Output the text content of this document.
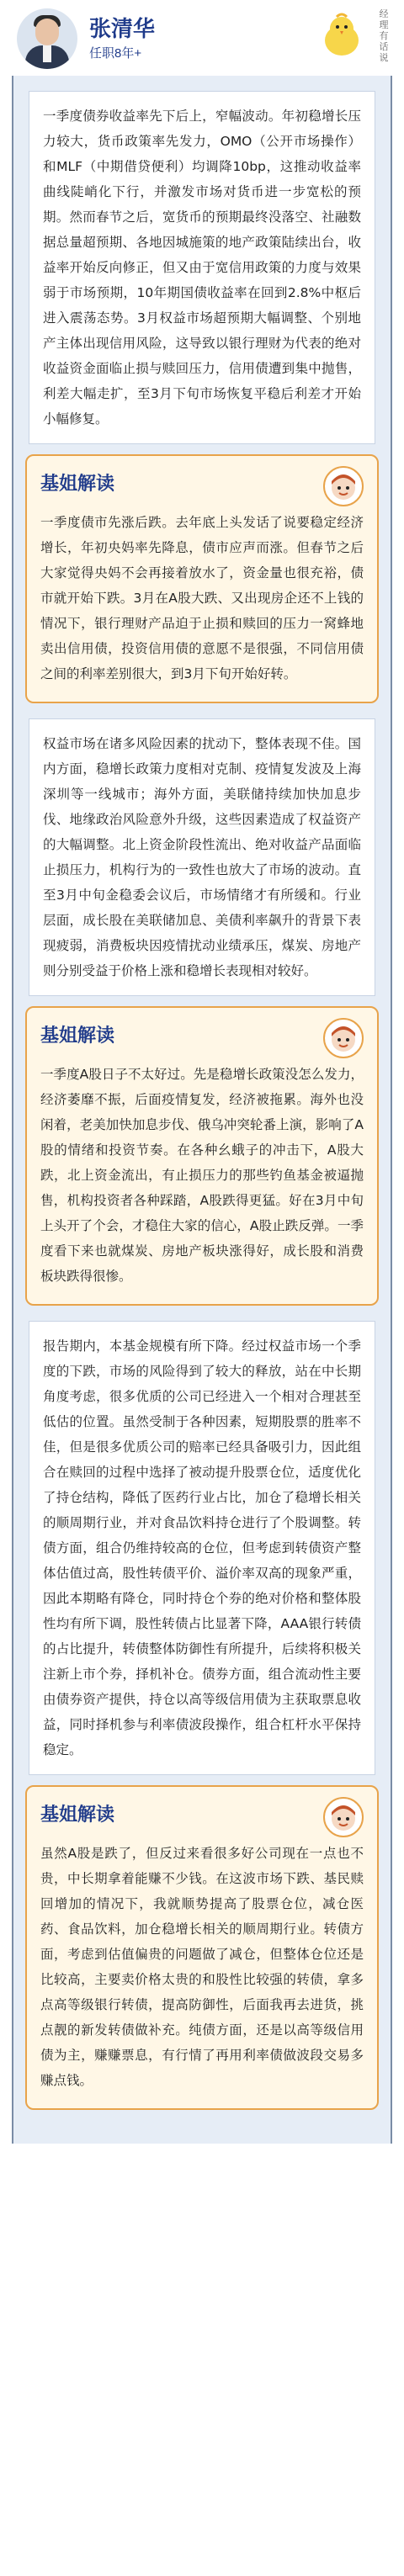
张清华
任职8年+
经理有话说
一季度债券收益率先下后上，窄幅波动。年初稳增长压力较大，货币政策率先发力，OMO（公开市场操作）和MLF（中期借贷便利）均调降10bp，这推动收益率曲线陡峭化下行，并激发市场对货币进一步宽松的预期。然而春节之后，宽货币的预期最终没落空、社融数据总量超预期、各地因城施策的地产政策陆续出台，收益率开始反向修正，但又由于宽信用政策的力度与效果弱于市场预期，10年期国债收益率在回到2.8%中枢后进入震荡态势。3月权益市场超预期大幅调整、个别地产主体出现信用风险，这导致以银行理财为代表的绝对收益资金面临止损与赎回压力，信用债遭到集中抛售，利差大幅走扩，至3月下旬市场恢复平稳后利差才开始小幅修复。
基姐解读
一季度债市先涨后跌。去年底上头发话了说要稳定经济增长，年初央妈率先降息，债市应声而涨。但春节之后大家觉得央妈不会再接着放水了，资金量也很充裕，债市就开始下跌。3月在A股大跌、又出现房企还不上钱的情况下，银行理财产品迫于止损和赎回的压力一窝蜂地卖出信用债，投资信用债的意愿不是很强，不同信用债之间的利率差别很大，到3月下旬开始好转。
权益市场在诸多风险因素的扰动下，整体表现不佳。国内方面，稳增长政策力度相对克制、疫情复发波及上海深圳等一线城市；海外方面，美联储持续加快加息步伐、地缘政治风险意外升级，这些因素造成了权益资产的大幅调整。北上资金阶段性流出、绝对收益产品面临止损压力，机构行为的一致性也放大了市场的波动。直至3月中旬金稳委会议后，市场情绪才有所缓和。行业层面，成长股在美联储加息、美债利率飙升的背景下表现疲弱，消费板块因疫情扰动业绩承压，煤炭、房地产则分别受益于价格上涨和稳增长表现相对较好。
基姐解读
一季度A股日子不太好过。先是稳增长政策没怎么发力，经济萎靡不振，后面疫情复发，经济被拖累。海外也没闲着，老美加快加息步伐、俄乌冲突轮番上演，影响了A股的情绪和投资节奏。在各种幺蛾子的冲击下，A股大跌，北上资金流出，有止损压力的那些钓鱼基金被逼抛售，机构投资者各种踩踏，A股跌得更猛。好在3月中旬上头开了个会，才稳住大家的信心，A股止跌反弹。一季度看下来也就煤炭、房地产板块涨得好，成长股和消费板块跌得很惨。
报告期内，本基金规模有所下降。经过权益市场一个季度的下跌，市场的风险得到了较大的释放，站在中长期角度考虑，很多优质的公司已经进入一个相对合理甚至低估的位置。虽然受制于各种因素，短期股票的胜率不佳，但是很多优质公司的赔率已经具备吸引力，因此组合在赎回的过程中选择了被动提升股票仓位，适度优化了持仓结构，降低了医药行业占比，加仓了稳增长相关的顺周期行业，并对食品饮料持仓进行了个股调整。转债方面，组合仍维持较高的仓位，但考虑到转债资产整体估值过高，股性转债平价、溢价率双高的现象严重，因此本期略有降仓，同时持仓个券的绝对价格和整体股性均有所下调，股性转债占比显著下降，AAA银行转债的占比提升，转债整体防御性有所提升，后续将积极关注新上市个券，择机补仓。债券方面，组合流动性主要由债券资产提供，持仓以高等级信用债为主获取票息收益，同时择机参与利率债波段操作，组合杠杆水平保持稳定。
基姐解读
虽然A股是跌了，但反过来看很多好公司现在一点也不贵，中长期拿着能赚不少钱。在这波市场下跌、基民赎回增加的情况下，我就顺势提高了股票仓位，减仓医药、食品饮料，加仓稳增长相关的顺周期行业。转债方面，考虑到估值偏贵的问题做了减仓，但整体仓位还是比较高，主要卖价格太贵的和股性比较强的转债，拿多点高等级银行转债，提高防御性，后面我再去进货，挑点靓的新发转债做补充。纯债方面，还是以高等级信用债为主，赚赚票息，有行情了再用利率债做波段交易多赚点钱。
